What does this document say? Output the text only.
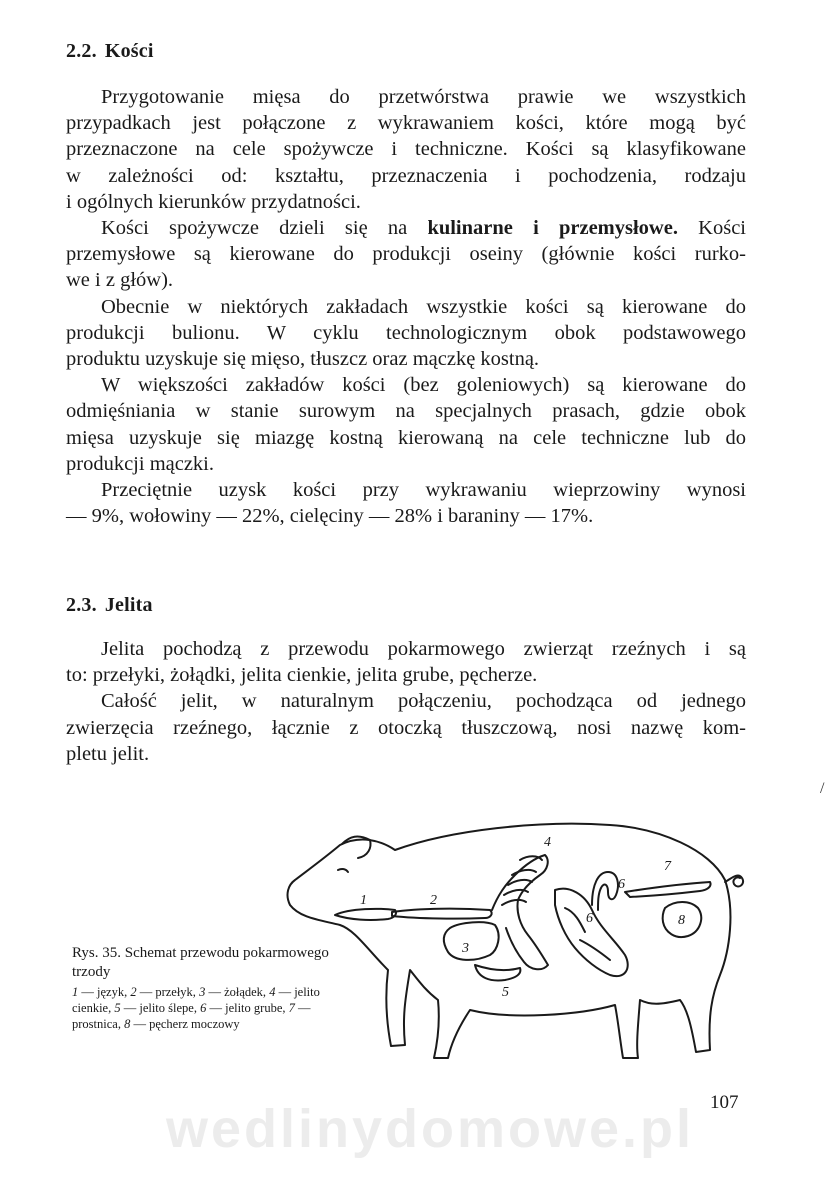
2.2. Kości
Przygotowanie mięsa do przetwórstwa prawie we wszystkich
przypadkach jest połączone z wykrawaniem kości, które mogą być
przeznaczone na cele spożywcze i techniczne. Kości są klasyfikowane
w zależności od: kształtu, przeznaczenia i pochodzenia, rodzaju
i ogólnych kierunków przydatności.
Kości spożywcze dzieli się na kulinarne i przemysłowe. Kości
przemysłowe są kierowane do produkcji oseiny (głównie kości rurko-
we i z głów).
Obecnie w niektórych zakładach wszystkie kości są kierowane do
produkcji bulionu. W cyklu technologicznym obok podstawowego
produktu uzyskuje się mięso, tłuszcz oraz mączkę kostną.
W większości zakładów kości (bez goleniowych) są kierowane do
odmięśniania w stanie surowym na specjalnych prasach, gdzie obok
mięsa uzyskuje się miazgę kostną kierowaną na cele techniczne lub do
produkcji mączki.
Przeciętnie uzysk kości przy wykrawaniu wieprzowiny wynosi
— 9%, wołowiny — 22%, cielęciny — 28% i baraniny — 17%.
2.3. Jelita
Jelita pochodzą z przewodu pokarmowego zwierząt rzeźnych i są
to: przełyki, żołądki, jelita cienkie, jelita grube, pęcherze.
Całość jelit, w naturalnym połączeniu, pochodząca od jednego
zwierzęcia rzeźnego, łącznie z otoczką tłuszczową, nosi nazwę kom-
pletu jelit.
/
1	2
3
4
5
6
6
7
8
Rys. 35. Schemat przewodu pokarmowego trzody
1 — język, 2 — przełyk, 3 — żołądek, 4 — jelito cienkie, 5 — jelito ślepe, 6 — jelito grube, 7 — prostnica, 8 — pęcherz moczowy
wedlinydomowe.pl 107
